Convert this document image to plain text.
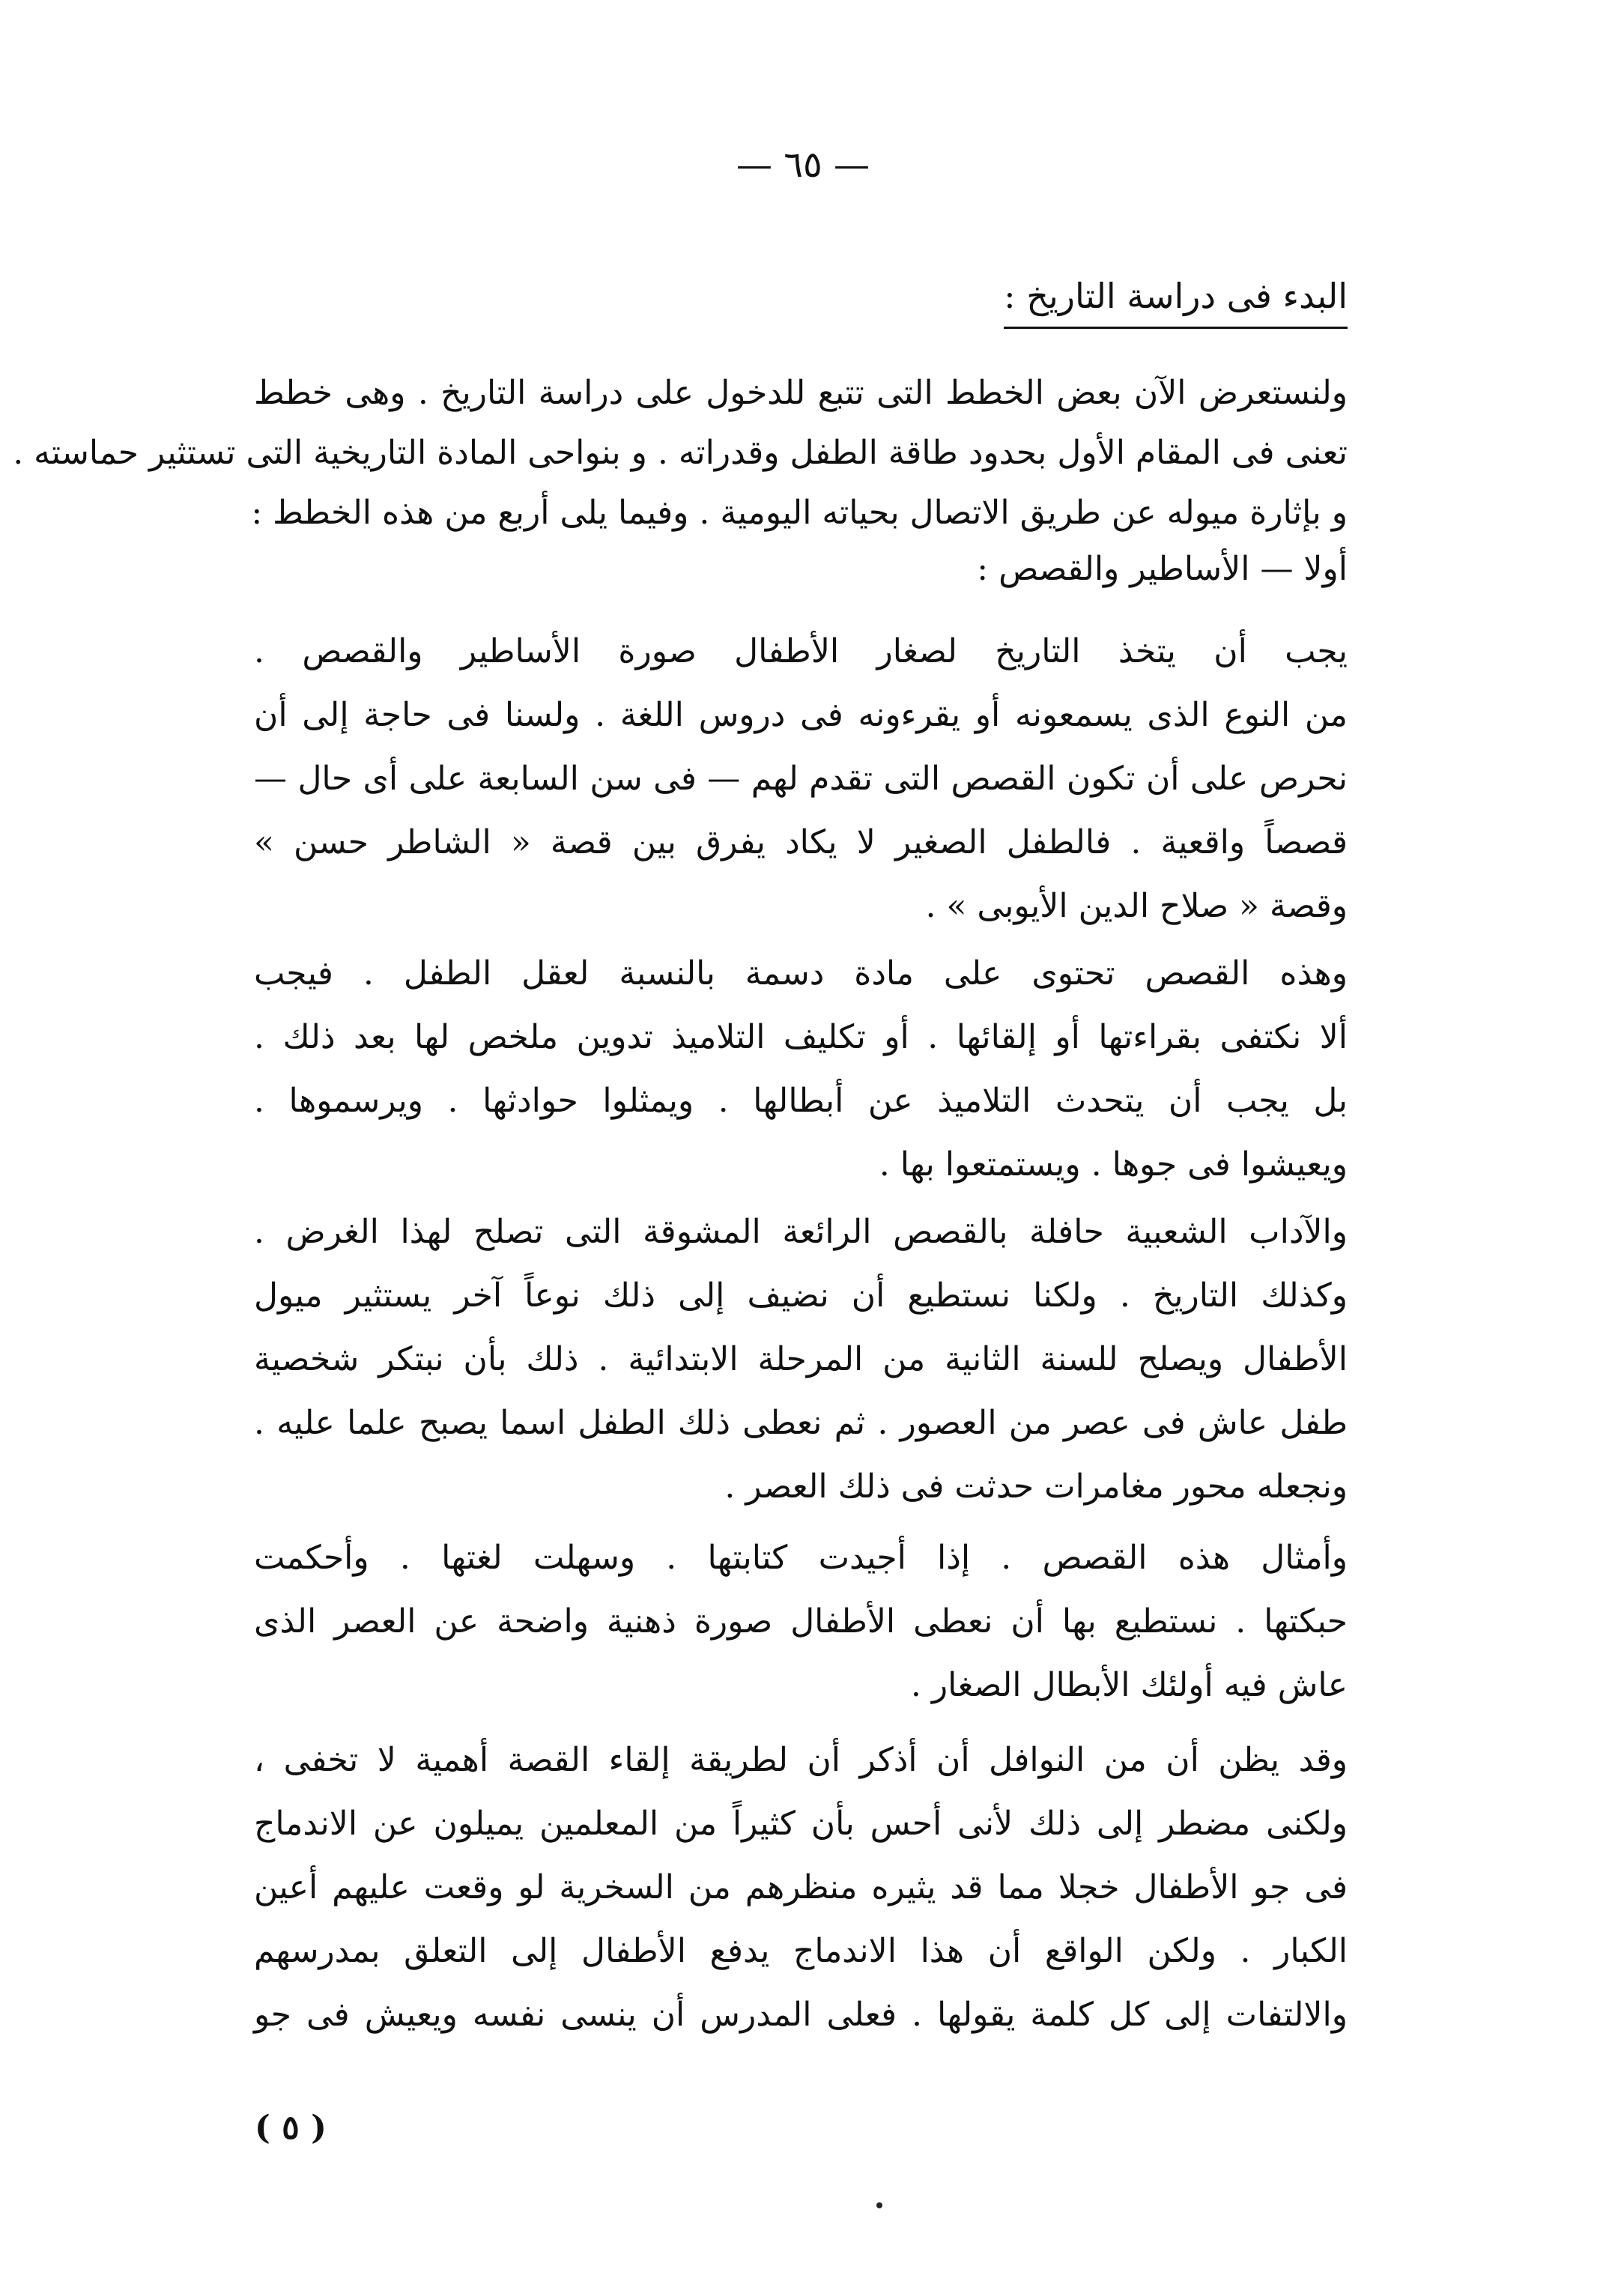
— ٦٥ —
البدء فى دراسة التاريخ :
ولنستعرض الآن بعض الخطط التى تتبع للدخول على دراسة التاريخ . وهى خطط
تعنى فى المقام الأول بحدود طاقة الطفل وقدراته . و بنواحى المادة التاريخية التى تستثير حماسته .
و بإثارة ميوله عن طريق الاتصال بحياته اليومية . وفيما يلى أربع من هذه الخطط :
أولا — الأساطير والقصص :
يجب أن يتخذ التاريخ لصغار الأطفال صورة الأساطير والقصص .
من النوع الذى يسمعونه أو يقرءونه فى دروس اللغة . ولسنا فى حاجة إلى أن
نحرص على أن تكون القصص التى تقدم لهم — فى سن السابعة على أى حال —
قصصاً واقعية . فالطفل الصغير لا يكاد يفرق بين قصة « الشاطر حسن »
وقصة « صلاح الدين الأيوبى » .
وهذه القصص تحتوى على مادة دسمة بالنسبة لعقل الطفل . فيجب
ألا نكتفى بقراءتها أو إلقائها . أو تكليف التلاميذ تدوين ملخص لها بعد ذلك .
بل يجب أن يتحدث التلاميذ عن أبطالها . ويمثلوا حوادثها . ويرسموها .
ويعيشوا فى جوها . ويستمتعوا بها .
والآداب الشعبية حافلة بالقصص الرائعة المشوقة التى تصلح لهذا الغرض .
وكذلك التاريخ . ولكنا نستطيع أن نضيف إلى ذلك نوعاً آخر يستثير ميول
الأطفال ويصلح للسنة الثانية من المرحلة الابتدائية . ذلك بأن نبتكر شخصية
طفل عاش فى عصر من العصور . ثم نعطى ذلك الطفل اسما يصبح علما عليه .
ونجعله محور مغامرات حدثت فى ذلك العصر .
وأمثال هذه القصص . إذا أجيدت كتابتها . وسهلت لغتها . وأحكمت
حبكتها . نستطيع بها أن نعطى الأطفال صورة ذهنية واضحة عن العصر الذى
عاش فيه أولئك الأبطال الصغار .
وقد يظن أن من النوافل أن أذكر أن لطريقة إلقاء القصة أهمية لا تخفى ،
ولكنى مضطر إلى ذلك لأنى أحس بأن كثيراً من المعلمين يميلون عن الاندماج
فى جو الأطفال خجلا مما قد يثيره منظرهم من السخرية لو وقعت عليهم أعين
الكبار . ولكن الواقع أن هذا الاندماج يدفع الأطفال إلى التعلق بمدرسهم
والالتفات إلى كل كلمة يقولها . فعلى المدرس أن ينسى نفسه ويعيش فى جو
( ٥ )
